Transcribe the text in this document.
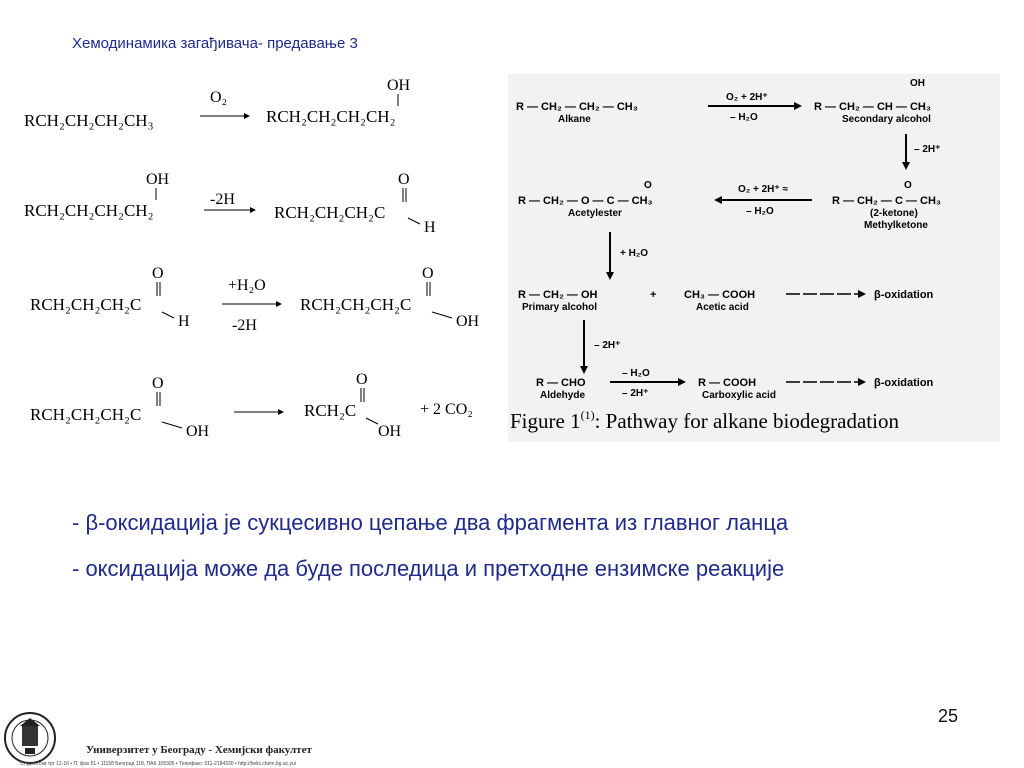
Хемодинамика загађивача- предавање 3
RCH₂CH₂CH₂CH₃
O₂
RCH₂CH₂CH₂CH₂
OH
RCH₂CH₂CH₂CH₂
OH
-2H
RCH₂CH₂CH₂C
O
H
RCH₂CH₂CH₂C
O
H
+H₂O
-2H
RCH₂CH₂CH₂C
O
OH
RCH₂CH₂CH₂C
O
OH
RCH₂C
O
OH
+ 2 CO₂
R — CH₂ — CH₂ — CH₃
Alkane
O₂ + 2H⁺
– H₂O
OH
R — CH₂ — CH — CH₃
Secondary alcohol
– 2H⁺
O
R — CH₂ — C — CH₃
(2-ketone)
Methylketone
O₂ + 2H⁺ ≈
– H₂O
O
R — CH₂ — O — C — CH₃
Acetylester
+ H₂O
R — CH₂ — OH	+	CH₃ — COOH
Primary alcohol	Acetic acid
β-oxidation
– 2H⁺
R — CHO
Aldehyde
– H₂O
– 2H⁺
R — COOH
Carboxylic acid
β-oxidation
Figure 1$^{(1)}$: Pathway for alkane biodegradation

- β-оксидација је сукцесивно цепање два фрагмента из главног ланца

- оксидација може да буде последица и претходне ензимске реакције

25
Универзитет у Београду - Хемијски факултет
Студентски трг 12-16 • П. фах 51 • 11158 Београд 118, ПАК 105305 • Телефакс: 011-2184330 • http://helix.chem.bg.ac.yu/
